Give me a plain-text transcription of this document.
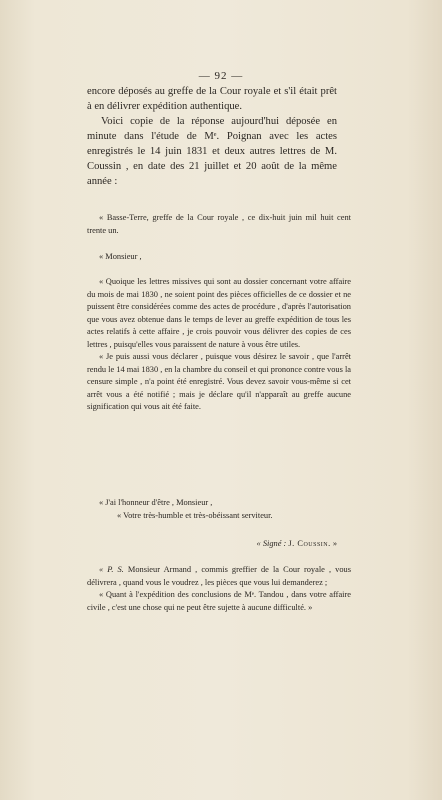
— 92 —

encore déposés au greffe de la Cour royale et s'il était prêt à en délivrer expédition authentique.

Voici copie de la réponse aujourd'hui déposée en minute dans l'étude de Mᵉ. Poignan avec les actes enregistrés le 14 juin 1831 et deux autres lettres de M. Coussin , en date des 21 juillet et 20 août de la même année :

« Basse-Terre, greffe de la Cour royale , ce dix-huit juin mil huit cent trente un.

« Monsieur ,

« Quoique les lettres missives qui sont au dossier concernant votre affaire du mois de mai 1830 , ne soient point des pièces officielles de ce dossier et ne puissent être considérées comme des actes de procédure , d'après l'autorisation que vous avez obtenue dans le temps de lever au greffe expédition de tous les actes relatifs à cette affaire , je crois pouvoir vous délivrer des copies de ces lettres , puisqu'elles vous paraissent de nature à vous être utiles.

« Je puis aussi vous déclarer , puisque vous désirez le savoir , que l'arrêt rendu le 14 mai 1830 , en la chambre du conseil et qui prononce contre vous la censure simple , n'a point été enregistré. Vous devez savoir vous-même si cet arrêt vous a été notifié ; mais je déclare qu'il n'apparaît au greffe aucune signification qui vous ait été faite.

« J'ai l'honneur d'être , Monsieur ,

« Votre très-humble et très-obéissant serviteur.

« Signé : J. Coussin. »

« P. S. Monsieur Armand , commis greffier de la Cour royale , vous délivrera , quand vous le voudrez , les pièces que vous lui demanderez ;

« Quant à l'expédition des conclusions de Mᵉ. Tandou , dans votre affaire civile , c'est une chose qui ne peut être sujette à aucune difficulté. »
